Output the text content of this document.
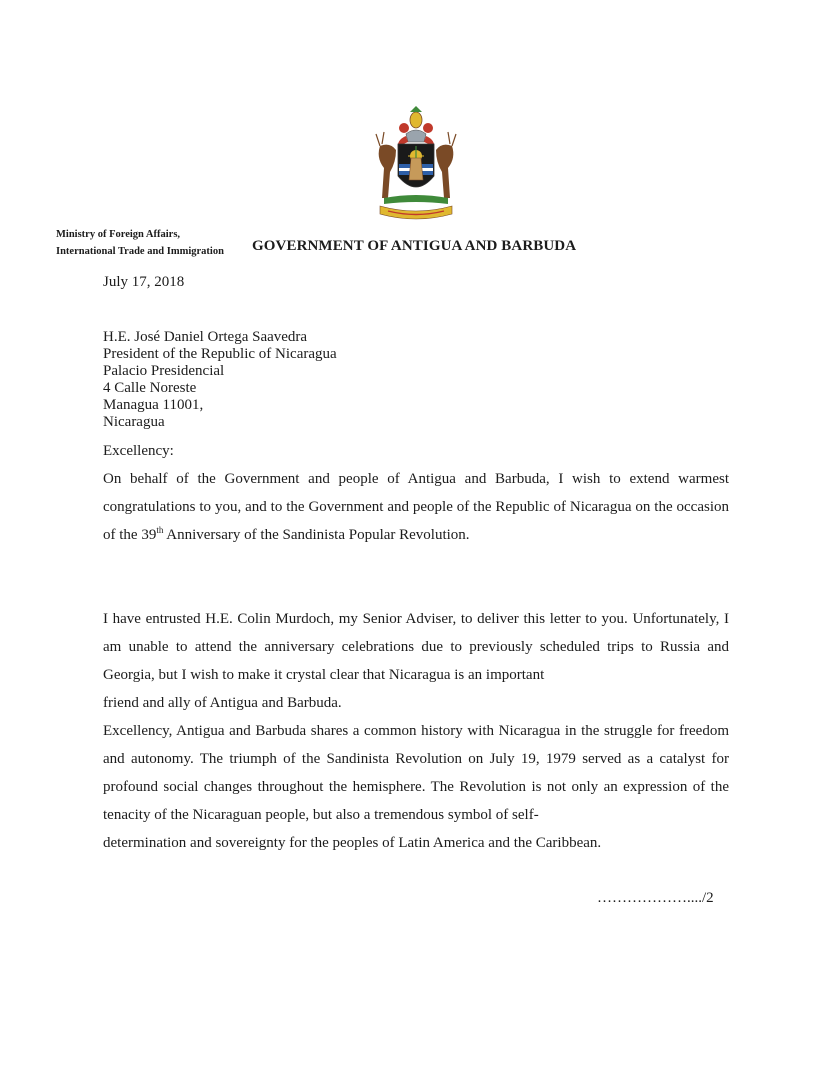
Ministry of Foreign Affairs,
International Trade and Immigration GOVERNMENT OF ANTIGUA AND BARBUDA
July 17, 2018
H.E. José Daniel Ortega Saavedra
President of the Republic of Nicaragua
Palacio Presidencial
4 Calle Noreste
Managua 11001,
Nicaragua
Excellency:
On behalf of the Government and people of Antigua and Barbuda, I wish to extend warmest congratulations to you, and to the Government and people of the Republic of Nicaragua on the occasion of the 39th Anniversary of the Sandinista Popular Revolution.
I have entrusted H.E. Colin Murdoch, my Senior Adviser, to deliver this letter to you. Unfortunately, I am unable to attend the anniversary celebrations due to previously scheduled trips to Russia and Georgia, but I wish to make it crystal clear that Nicaragua is an important
friend and ally of Antigua and Barbuda.
Excellency, Antigua and Barbuda shares a common history with Nicaragua in the struggle for freedom and autonomy. The triumph of the Sandinista Revolution on July 19, 1979 served as a catalyst for profound social changes throughout the hemisphere. The Revolution is not only an expression of the tenacity of the Nicaraguan people, but also a tremendous symbol of self-
determination and sovereignty for the peoples of Latin America and the Caribbean.
………………..../2
